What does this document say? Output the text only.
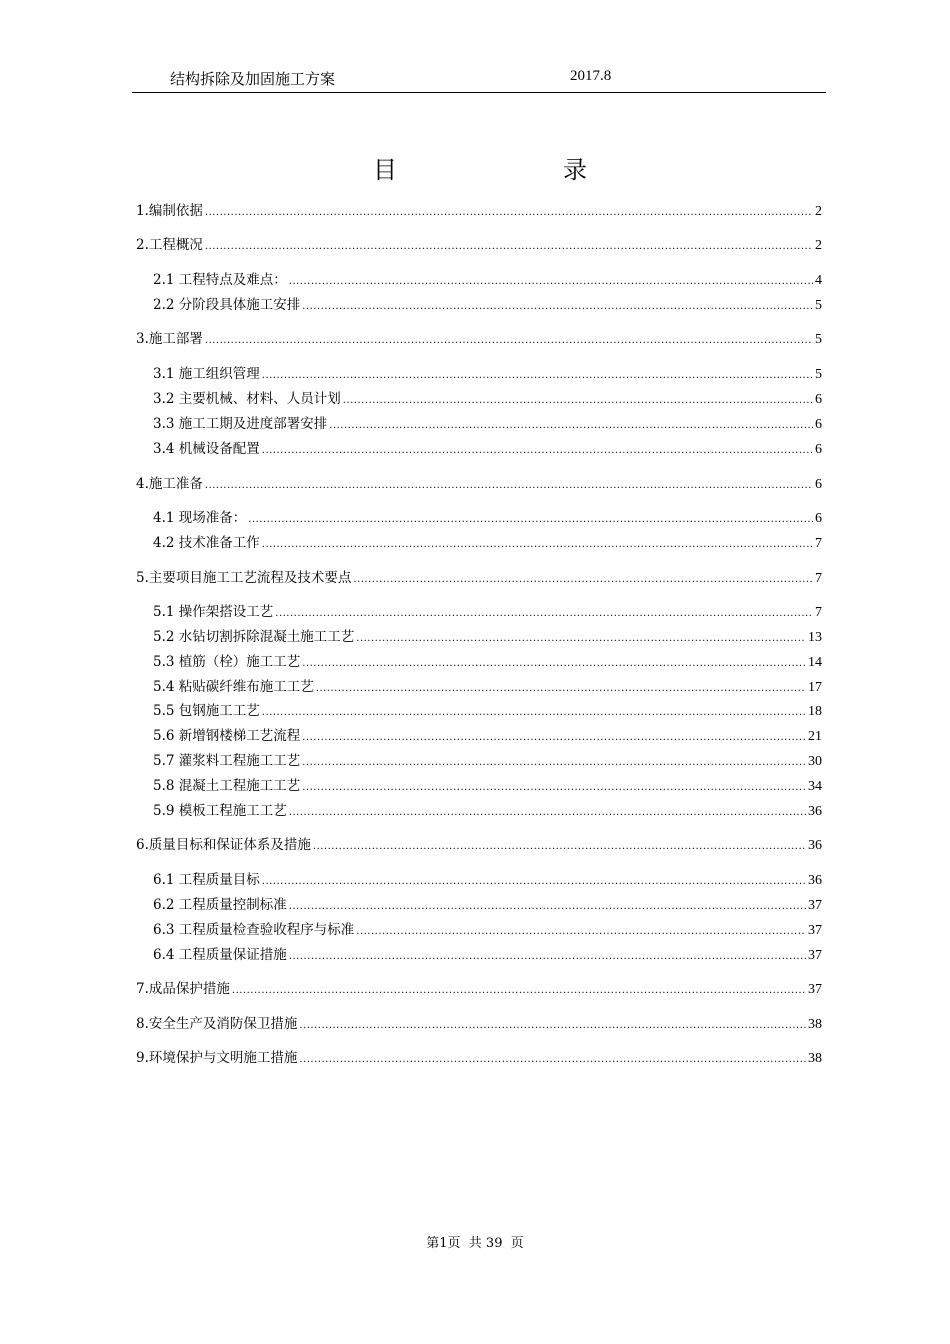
结构拆除及加固施工方案	2017.8
目	录
1.编制依据 .....	2
2.工程概况 .....	2
2.1 工程特点及难点： .....	4
2.2 分阶段具体施工安排 .....	5
3.施工部署 .....	5
3.1 施工组织管理 .....	5
3.2 主要机械、材料、人员计划 .....	6
3.3 施工工期及进度部署安排 .....	6
3.4 机械设备配置 .....	6
4.施工准备 .....	6
4.1 现场准备： .....	6
4.2 技术准备工作 .....	7
5.主要项目施工工艺流程及技术要点 .....	7
5.1 操作架搭设工艺 .....	7
5.2 水钻切割拆除混凝土施工工艺 .....	13
5.3 植筋（栓）施工工艺 .....	14
5.4 粘贴碳纤维布施工工艺 .....	17
5.5 包钢施工工艺 .....	18
5.6 新增钢楼梯工艺流程 .....	21
5.7 灌浆料工程施工工艺 .....	30
5.8 混凝土工程施工工艺 .....	34
5.9 模板工程施工工艺 .....	36
6.质量目标和保证体系及措施 .....	36
6.1 工程质量目标 .....	36
6.2 工程质量控制标准 .....	37
6.3 工程质量检查验收程序与标准 .....	37
6.4 工程质量保证措施 .....	37
7.成品保护措施 .....	37
8.安全生产及消防保卫措施 .....	38
9.环境保护与文明施工措施 .....	38
第1页  共 39  页
